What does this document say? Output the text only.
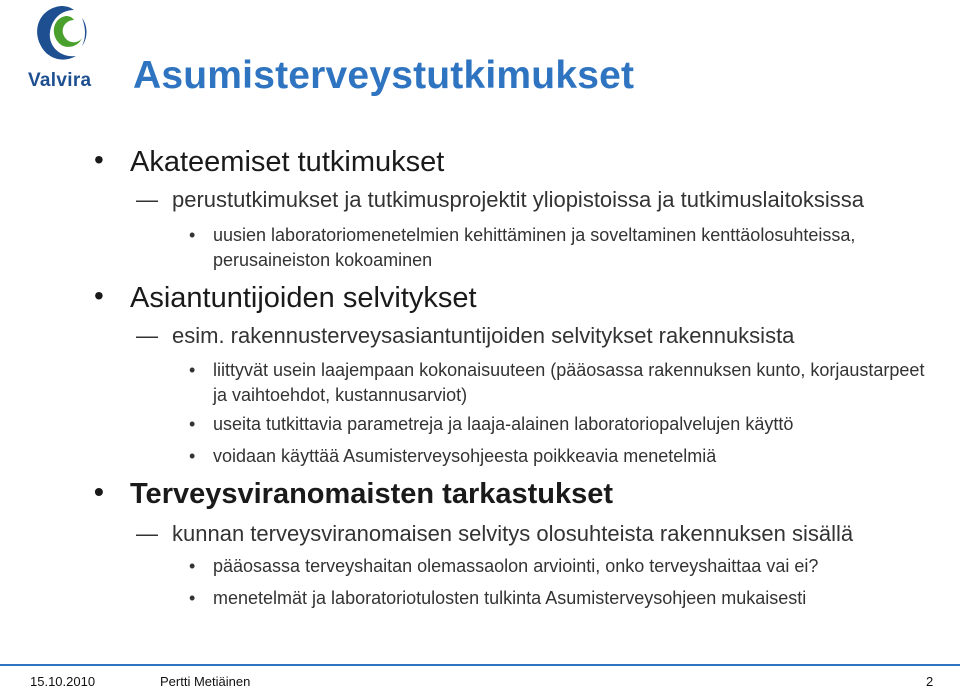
Valvira Asumisterveystutkimukset
• Akateemiset tutkimukset
— perustutkimukset ja tutkimusprojektit yliopistoissa ja tutkimuslaitoksissa
• uusien laboratoriomenetelmien kehittäminen ja soveltaminen kenttäolosuhteissa, perusaineiston kokoaminen
• Asiantuntijoiden selvitykset
— esim. rakennusterveysasiantuntijoiden selvitykset rakennuksista
• liittyvät usein laajempaan kokonaisuuteen (pääosassa rakennuksen kunto, korjaustarpeet ja vaihtoehdot, kustannusarviot)
• useita tutkittavia parametreja ja laaja-alainen laboratoriopalvelujen käyttö
• voidaan käyttää Asumisterveysohjeesta poikkeavia menetelmiä
• Terveysviranomaisten tarkastukset
— kunnan terveysviranomaisen selvitys olosuhteista rakennuksen sisällä
• pääosassa terveyshaitan olemassaolon arviointi, onko terveyshaittaa vai ei?
• menetelmät ja laboratoriotulosten tulkinta Asumisterveysohjeen mukaisesti
15.10.2010	Pertti Metiäinen	2
